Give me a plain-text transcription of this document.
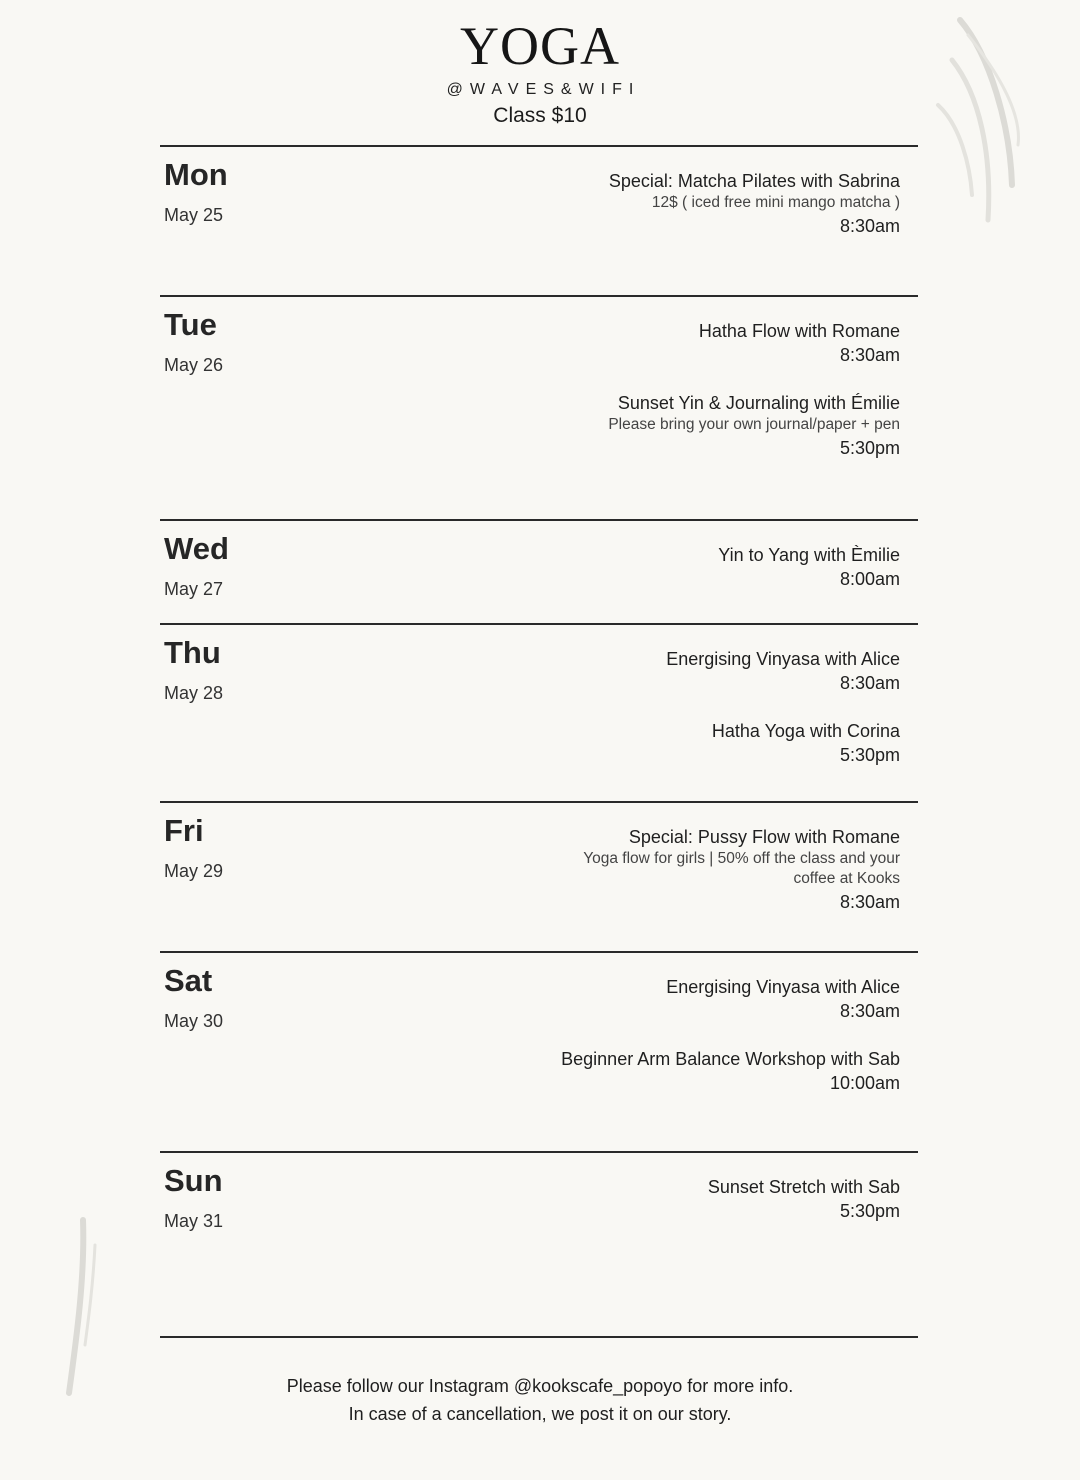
YOGA
@WAVES&WIFI
Class $10
Mon
May 25
Special: Matcha Pilates with Sabrina
12$ ( iced free mini mango matcha )
8:30am
Tue
May 26
Hatha Flow with Romane
8:30am
Sunset Yin & Journaling with Émilie
Please bring your own journal/paper + pen
5:30pm
Wed
May 27
Yin to Yang with Èmilie
8:00am
Thu
May 28
Energising Vinyasa with Alice
8:30am
Hatha Yoga with Corina
5:30pm
Fri
May 29
Special: Pussy Flow with Romane
Yoga flow for girls | 50% off the class and your coffee at Kooks
8:30am
Sat
May 30
Energising Vinyasa with Alice
8:30am
Beginner Arm Balance Workshop with Sab
10:00am
Sun
May 31
Sunset Stretch with Sab
5:30pm
Please follow our Instagram @kookscafe_popoyo for more info.
In case of a cancellation, we post it on our story.
